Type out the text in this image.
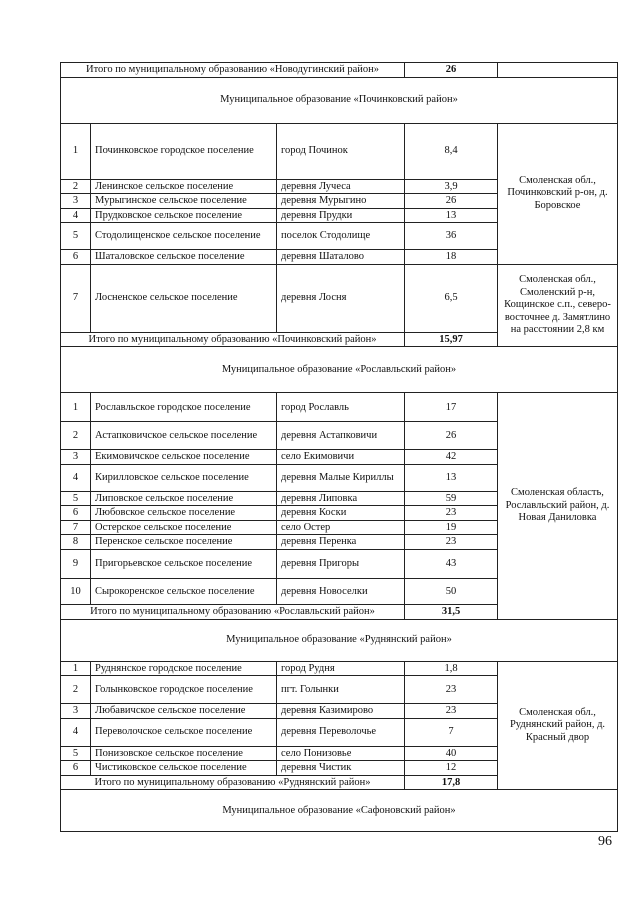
Итого по муниципальному образованию «Новодугинский район»			26	
Муниципальное образование «Починковский район»				
1	Починковское городское поселение	город Починок	8,4	Смоленская обл., Починковский р-он, д. Боровское
2	Ленинское сельское поселение	деревня Лучеса	3,9	
3	Мурыгинское сельское поселение	деревня Мурыгино	26	
4	Прудковское сельское поселение	деревня Прудки	13	
5	Стодолищенское сельское поселение	поселок Стодолище	36	
6	Шаталовское сельское поселение	деревня Шаталово	18	
7	Лосненское сельское поселение	деревня Лосня	6,5	Смоленская обл., Смоленский р-н, Кощинское с.п., северо-восточнее д. Замятлино на расстоянии 2,8 км
Итого по муниципальному образованию «Починковский район»			15,97	
Муниципальное образование «Рославльский район»				
1	Рославльское городское поселение	город Рославль	17	Смоленская область, Рославльский район, д. Новая Даниловка
2	Астапковичское сельское поселение	деревня Астапковичи	26	
3	Екимовичское сельское поселение	село Екимовичи	42	
4	Кирилловское сельское поселение	деревня Малые Кириллы	13	
5	Липовское сельское поселение	деревня Липовка	59	
6	Любовское сельское поселение	деревня Коски	23	
7	Остерское сельское поселение	село Остер	19	
8	Перенское сельское поселение	деревня Перенка	23	
9	Пригорьевское сельское поселение	деревня Пригоры	43	
10	Сырокоренское сельское поселение	деревня Новоселки	50	
Итого по муниципальному образованию «Рославльский район»			31,5	
Муниципальное образование «Руднянский район»				
1	Руднянское городское поселение	город Рудня	1,8	Смоленская обл., Руднянский район, д. Красный двор
2	Голынковское городское поселение	пгт. Голынки	23	
3	Любавичское сельское поселение	деревня Казимирово	23	
4	Переволочское сельское поселение	деревня Переволочье	7	
5	Понизовское сельское поселение	село Понизовье	40	
6	Чистиковское сельское поселение	деревня Чистик	12	
Итого по муниципальному образованию «Руднянский район»			17,8	
Муниципальное образование «Сафоновский район»				
96
